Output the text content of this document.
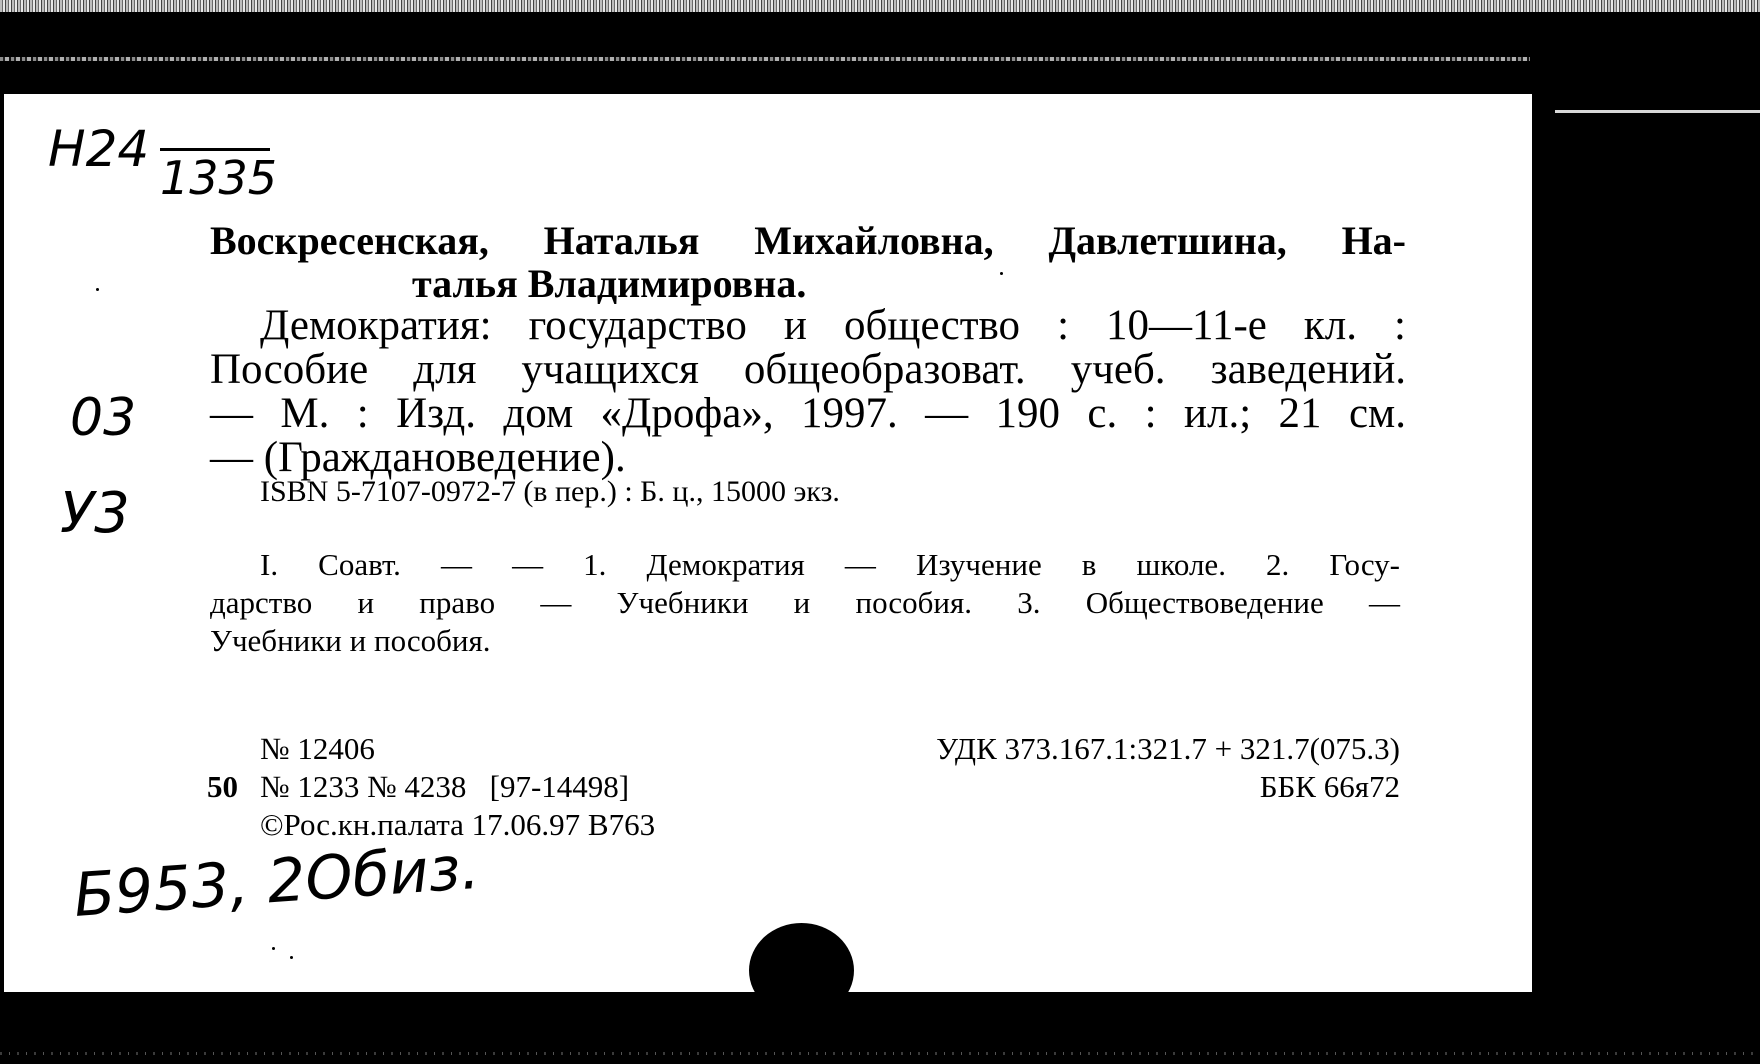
Н24 1335
03
У3
Воскресенская, Наталья Михайловна, Давлетшина, На-
талья Владимировна.
Демократия: государство и общество : 10—11-е кл. :
Пособие для учащихся общеобразоват. учеб. заведений.
— М. : Изд. дом «Дрофа», 1997. — 190 с. : ил.; 21 см.
— (Граждановедение).
ISBN 5-7107-0972-7 (в пер.) : Б. ц., 15000 экз.
I. Соавт. — — 1. Демократия — Изучение в школе. 2. Госу-
дарство и право — Учебники и пособия. 3. Обществоведение —
Учебники и пособия.
№ 12406
50 № 1233 № 4238   [97-14498]
©Рос.кн.палата 17.06.97 В763
УДК 373.167.1:321.7 + 321.7(075.3)
ББК 66я72
Б953, 2Обиз.
